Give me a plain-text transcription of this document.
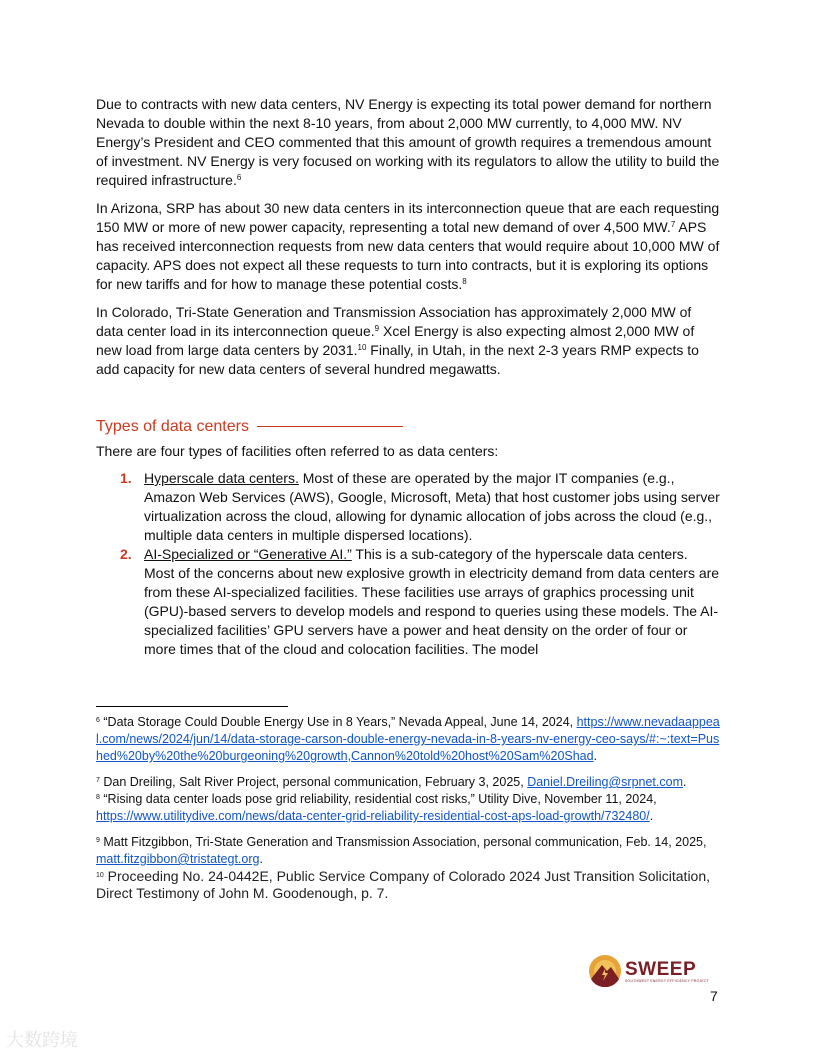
Due to contracts with new data centers, NV Energy is expecting its total power demand for northern Nevada to double within the next 8-10 years, from about 2,000 MW currently, to 4,000 MW. NV Energy’s President and CEO commented that this amount of growth requires a tremendous amount of investment. NV Energy is very focused on working with its regulators to allow the utility to build the required infrastructure.$^6$

In Arizona, SRP has about 30 new data centers in its interconnection queue that are each requesting 150 MW or more of new power capacity, representing a total new demand of over 4,500 MW.$^7$ APS has received interconnection requests from new data centers that would require about 10,000 MW of capacity. APS does not expect all these requests to turn into contracts, but it is exploring its options for new tariffs and for how to manage these potential costs.$^8$

In Colorado, Tri-State Generation and Transmission Association has approximately 2,000 MW of data center load in its interconnection queue.$^9$ Xcel Energy is also expecting almost 2,000 MW of new load from large data centers by 2031.10 Finally, in Utah, in the next 2-3 years RMP expects to add capacity for new data centers of several hundred megawatts.

Types of data centers

There are four types of facilities often referred to as data centers:

1. Hyperscale data centers. Most of these are operated by the major IT companies (e.g., Amazon Web Services (AWS), Google, Microsoft, Meta) that host customer jobs using server virtualization across the cloud, allowing for dynamic allocation of jobs across the cloud (e.g., multiple data centers in multiple dispersed locations).
2. AI-Specialized or “Generative AI.” This is a sub-category of the hyperscale data centers. Most of the concerns about new explosive growth in electricity demand from data centers are from these AI-specialized facilities. These facilities use arrays of graphics processing unit (GPU)-based servers to develop models and respond to queries using these models. The AI-specialized facilities’ GPU servers have a power and heat density on the order of four or more times that of the cloud and colocation facilities. The model
$^6$ “Data Storage Could Double Energy Use in 8 Years,” Nevada Appeal, June 14, 2024, https://www.nevadaappeal.com/news/2024/jun/14/data-storage-carson-double-energy-nevada-in-8-years-nv-energy-ceo-says/#:~:text=Pushed%20by%20the%20burgeoning%20growth,Cannon%20told%20host%20Sam%20Shad.
$^7$ Dan Dreiling, Salt River Project, personal communication, February 3, 2025, Daniel.Dreiling@srpnet.com.
$^8$ “Rising data center loads pose grid reliability, residential cost risks,” Utility Dive, November 11, 2024, https://www.utilitydive.com/news/data-center-grid-reliability-residential-cost-aps-load-growth/732480/.
$^9$ Matt Fitzgibbon, Tri-State Generation and Transmission Association, personal communication, Feb. 14, 2025, matt.fitzgibbon@tristategt.org.
$^{10}$ Proceeding No. 24-0442E, Public Service Company of Colorado 2024 Just Transition Solicitation, Direct Testimony of John M. Goodenough, p. 7.
SWEEP
SOUTHWEST ENERGY EFFICIENCY PROJECT
7
大数跨境
